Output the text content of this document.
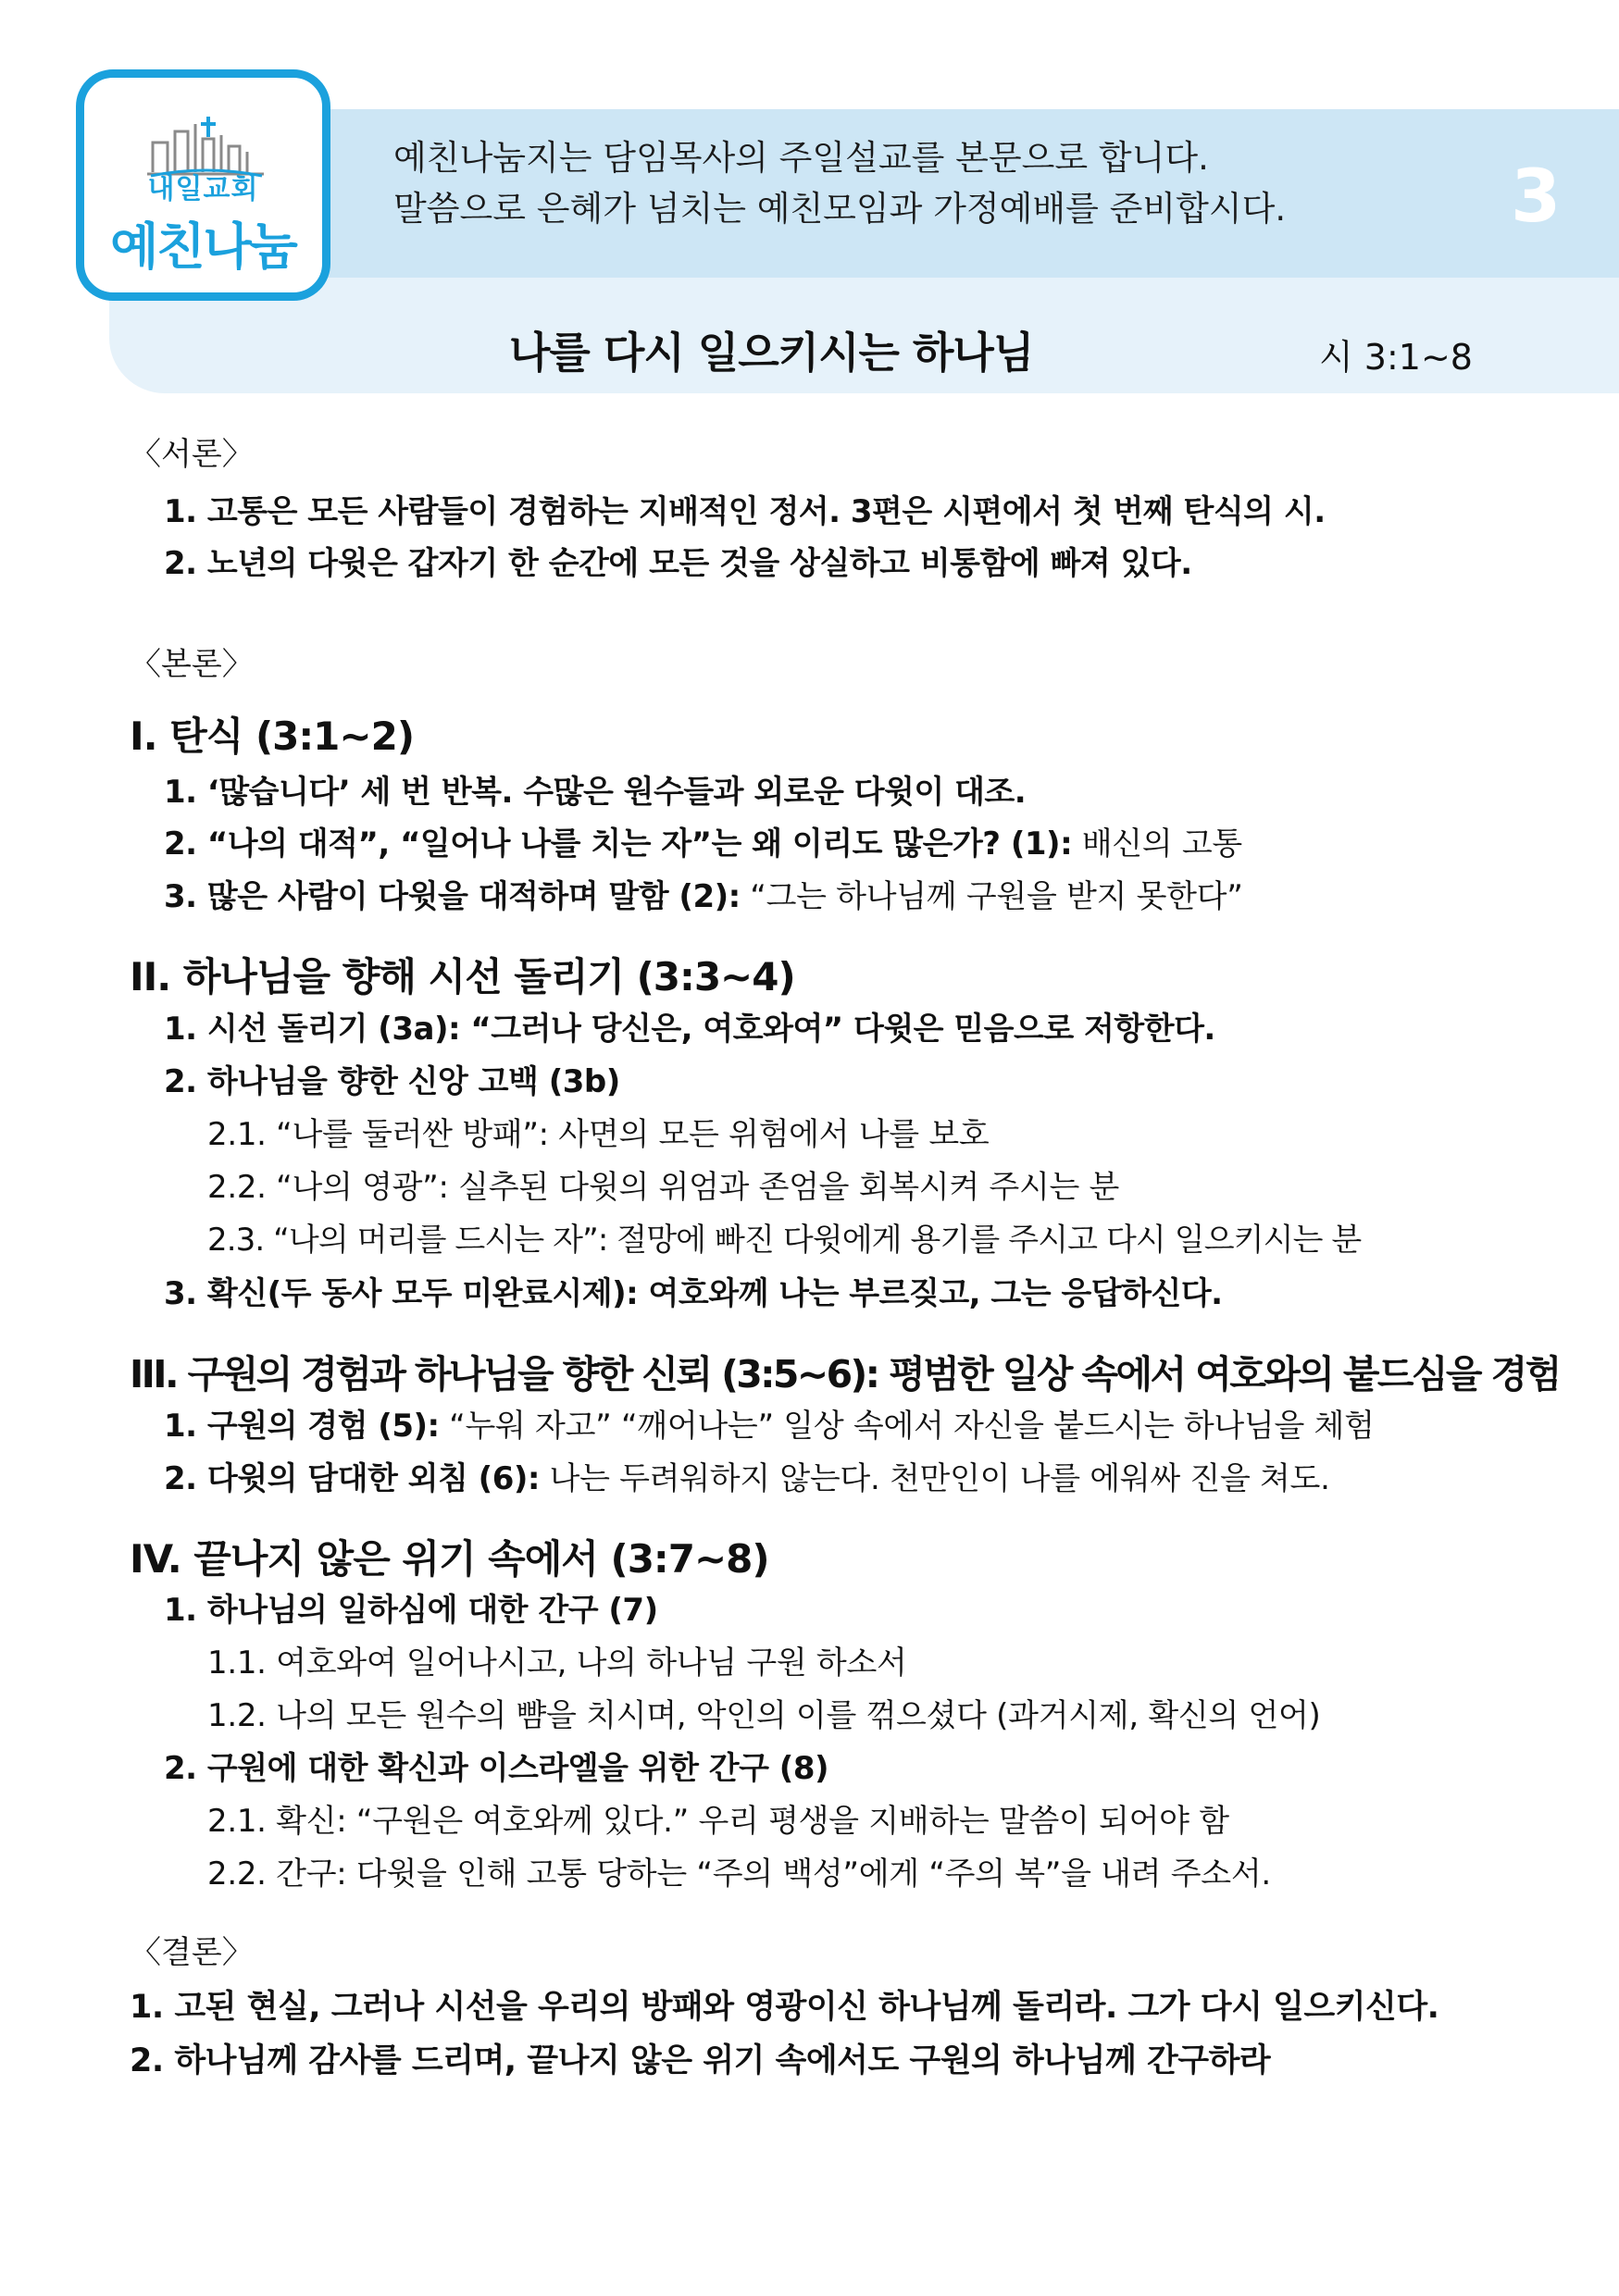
내일교회
예친나눔
예친나눔지는 담임목사의 주일설교를 본문으로 합니다.
말씀으로 은혜가 넘치는 예친모임과 가정예배를 준비합시다.	3
나를 다시 일으키시는 하나님	시 3:1~8
〈서론〉
1. 고통은 모든 사람들이 경험하는 지배적인 정서. 3편은 시편에서 첫 번째 탄식의 시.
2. 노년의 다윗은 갑자기 한 순간에 모든 것을 상실하고 비통함에 빠져 있다.
〈본론〉
I. 탄식 (3:1~2)
1. ‘많습니다’ 세 번 반복. 수많은 원수들과 외로운 다윗이 대조.
2. “나의 대적”, “일어나 나를 치는 자”는 왜 이리도 많은가? (1): 배신의 고통
3. 많은 사람이 다윗을 대적하며 말함 (2): “그는 하나님께 구원을 받지 못한다”
II. 하나님을 향해 시선 돌리기 (3:3~4)
1. 시선 돌리기 (3a): “그러나 당신은, 여호와여” 다윗은 믿음으로 저항한다.
2. 하나님을 향한 신앙 고백 (3b)
2.1. “나를 둘러싼 방패”: 사면의 모든 위험에서 나를 보호
2.2. “나의 영광”: 실추된 다윗의 위엄과 존엄을 회복시켜 주시는 분
2.3. “나의 머리를 드시는 자”: 절망에 빠진 다윗에게 용기를 주시고 다시 일으키시는 분
3. 확신(두 동사 모두 미완료시제): 여호와께 나는 부르짖고, 그는 응답하신다.
III. 구원의 경험과 하나님을 향한 신뢰 (3:5~6): 평범한 일상 속에서 여호와의 붙드심을 경험
1. 구원의 경험 (5): “누워 자고” “깨어나는” 일상 속에서 자신을 붙드시는 하나님을 체험
2. 다윗의 담대한 외침 (6): 나는 두려워하지 않는다. 천만인이 나를 에워싸 진을 쳐도.
IV. 끝나지 않은 위기 속에서 (3:7~8)
1. 하나님의 일하심에 대한 간구 (7)
1.1. 여호와여 일어나시고, 나의 하나님 구원 하소서
1.2. 나의 모든 원수의 뺨을 치시며, 악인의 이를 꺾으셨다 (과거시제, 확신의 언어)
2. 구원에 대한 확신과 이스라엘을 위한 간구 (8)
2.1. 확신: “구원은 여호와께 있다.” 우리 평생을 지배하는 말씀이 되어야 함
2.2. 간구: 다윗을 인해 고통 당하는 “주의 백성”에게 “주의 복”을 내려 주소서.
〈결론〉
1. 고된 현실, 그러나 시선을 우리의 방패와 영광이신 하나님께 돌리라. 그가 다시 일으키신다.
2. 하나님께 감사를 드리며, 끝나지 않은 위기 속에서도 구원의 하나님께 간구하라
